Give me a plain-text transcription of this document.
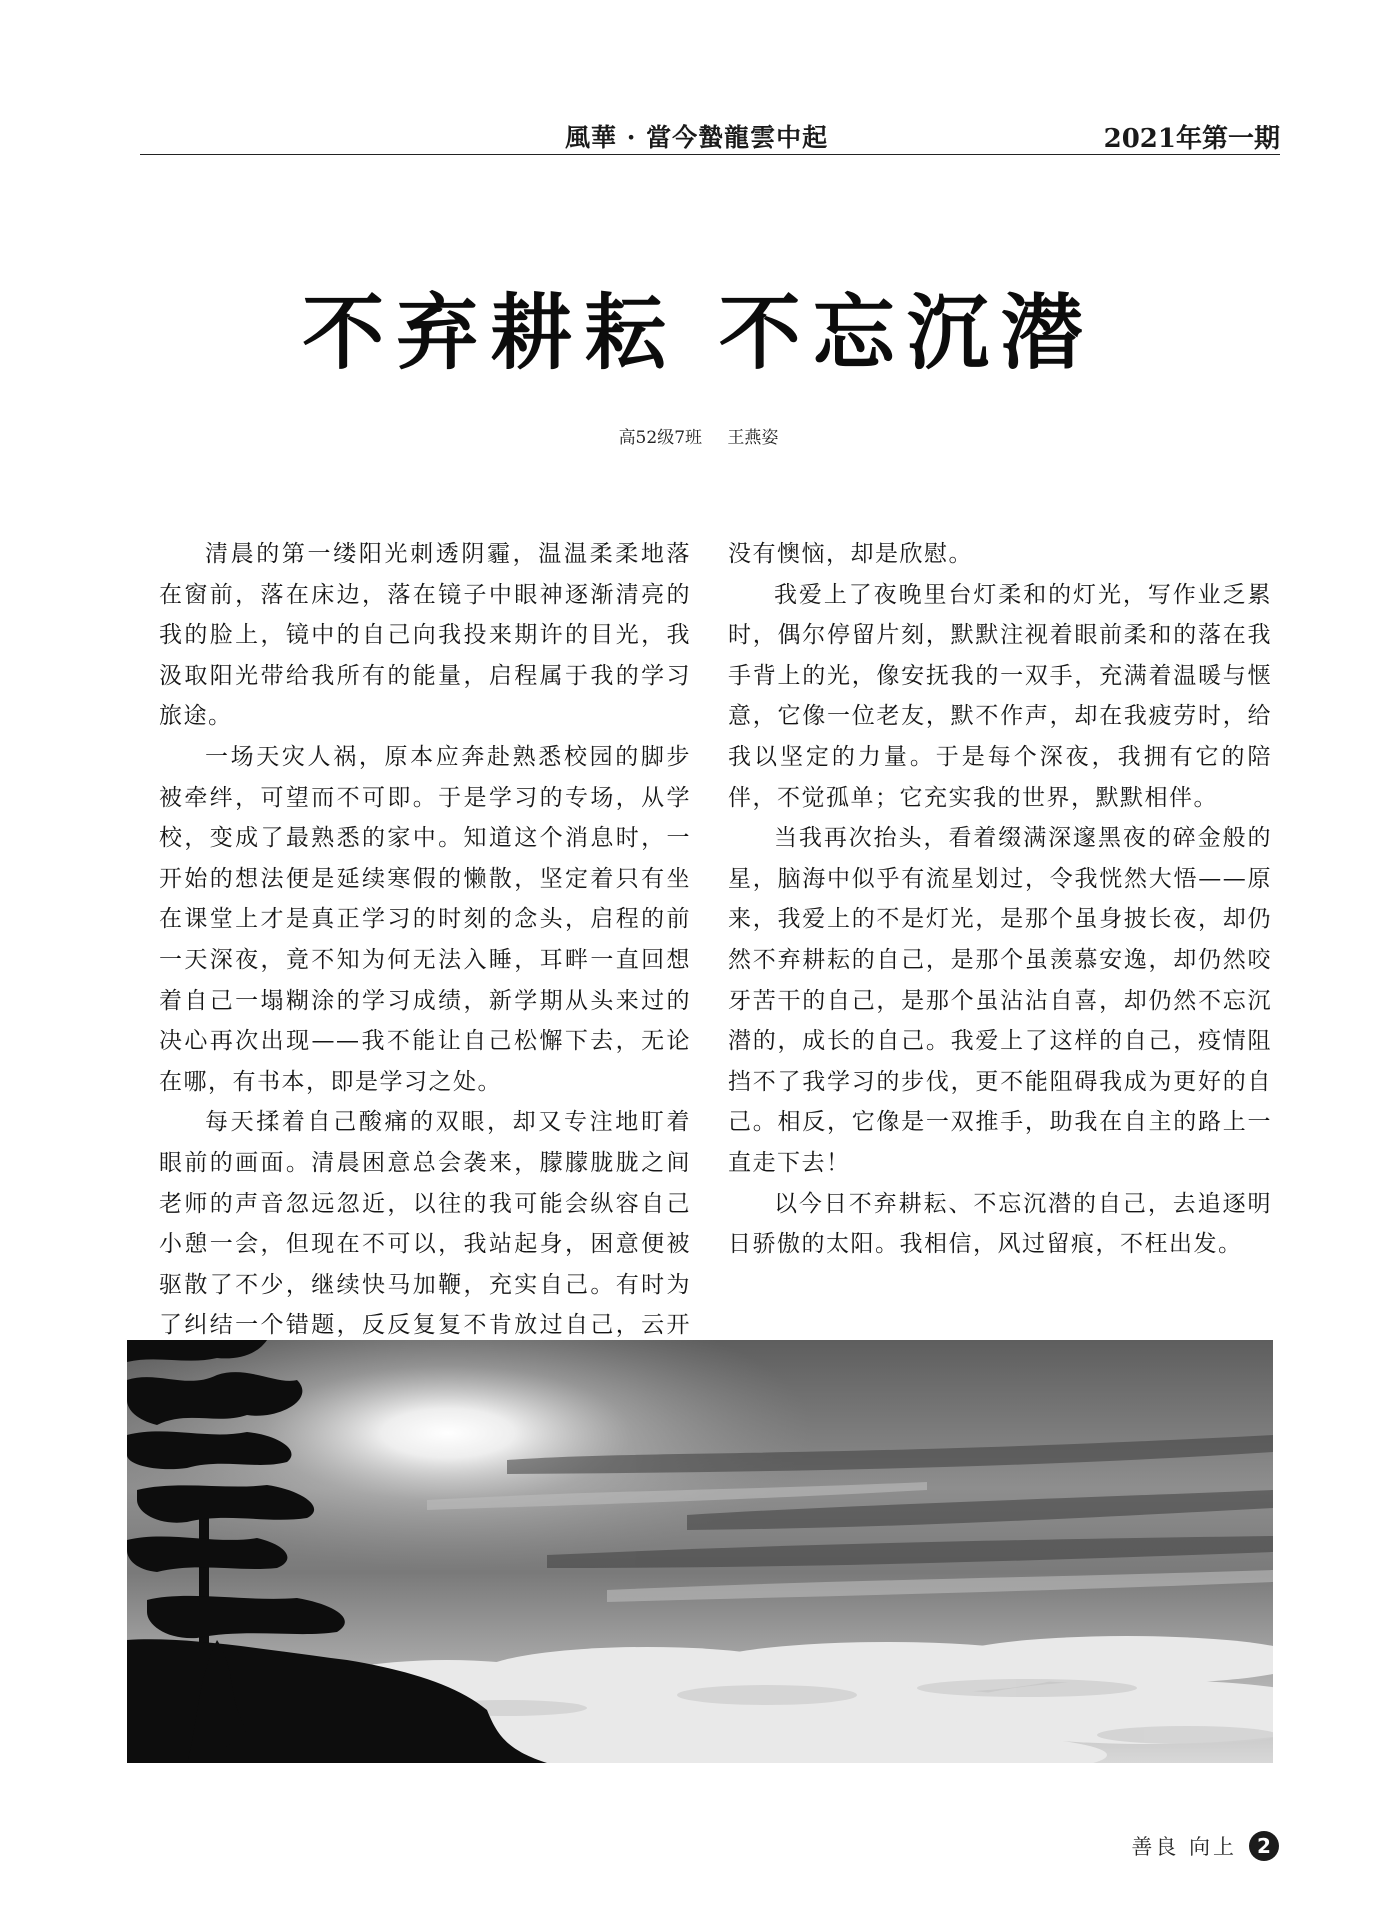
風華 · 當今蟄龍雲中起	2021年第一期
不弃耕耘 不忘沉潜
高52级7班 王燕姿

清晨的第一缕阳光刺透阴霾，温温柔柔地落在窗前，落在床边，落在镜子中眼神逐渐清亮的我的脸上，镜中的自己向我投来期许的目光，我汲取阳光带给我所有的能量，启程属于我的学习旅途。

一场天灾人祸，原本应奔赴熟悉校园的脚步被牵绊，可望而不可即。于是学习的专场，从学校，变成了最熟悉的家中。知道这个消息时，一开始的想法便是延续寒假的懒散，坚定着只有坐在课堂上才是真正学习的时刻的念头，启程的前一天深夜，竟不知为何无法入睡，耳畔一直回想着自己一塌糊涂的学习成绩，新学期从头来过的决心再次出现——我不能让自己松懈下去，无论在哪，有书本，即是学习之处。

每天揉着自己酸痛的双眼，却又专注地盯着眼前的画面。清晨困意总会袭来，朦朦胧胧之间老师的声音忽远忽近，以往的我可能会纵容自己小憩一会，但现在不可以，我站起身，困意便被驱散了不少，继续快马加鞭，充实自己。有时为了纠结一个错题，反反复复不肯放过自己，云开

没有懊恼，却是欣慰。

我爱上了夜晚里台灯柔和的灯光，写作业乏累时，偶尔停留片刻，默默注视着眼前柔和的落在我手背上的光，像安抚我的一双手，充满着温暖与惬意，它像一位老友，默不作声，却在我疲劳时，给我以坚定的力量。于是每个深夜，我拥有它的陪伴，不觉孤单；它充实我的世界，默默相伴。

当我再次抬头，看着缀满深邃黑夜的碎金般的星，脑海中似乎有流星划过，令我恍然大悟——原来，我爱上的不是灯光，是那个虽身披长夜，却仍然不弃耕耘的自己，是那个虽羡慕安逸，却仍然咬牙苦干的自己，是那个虽沾沾自喜，却仍然不忘沉潜的，成长的自己。我爱上了这样的自己，疫情阻挡不了我学习的步伐，更不能阻碍我成为更好的自己。相反，它像是一双推手，助我在自主的路上一直走下去！

以今日不弃耕耘、不忘沉潜的自己，去追逐明日骄傲的太阳。我相信，风过留痕，不枉出发。

善良 向上	2
